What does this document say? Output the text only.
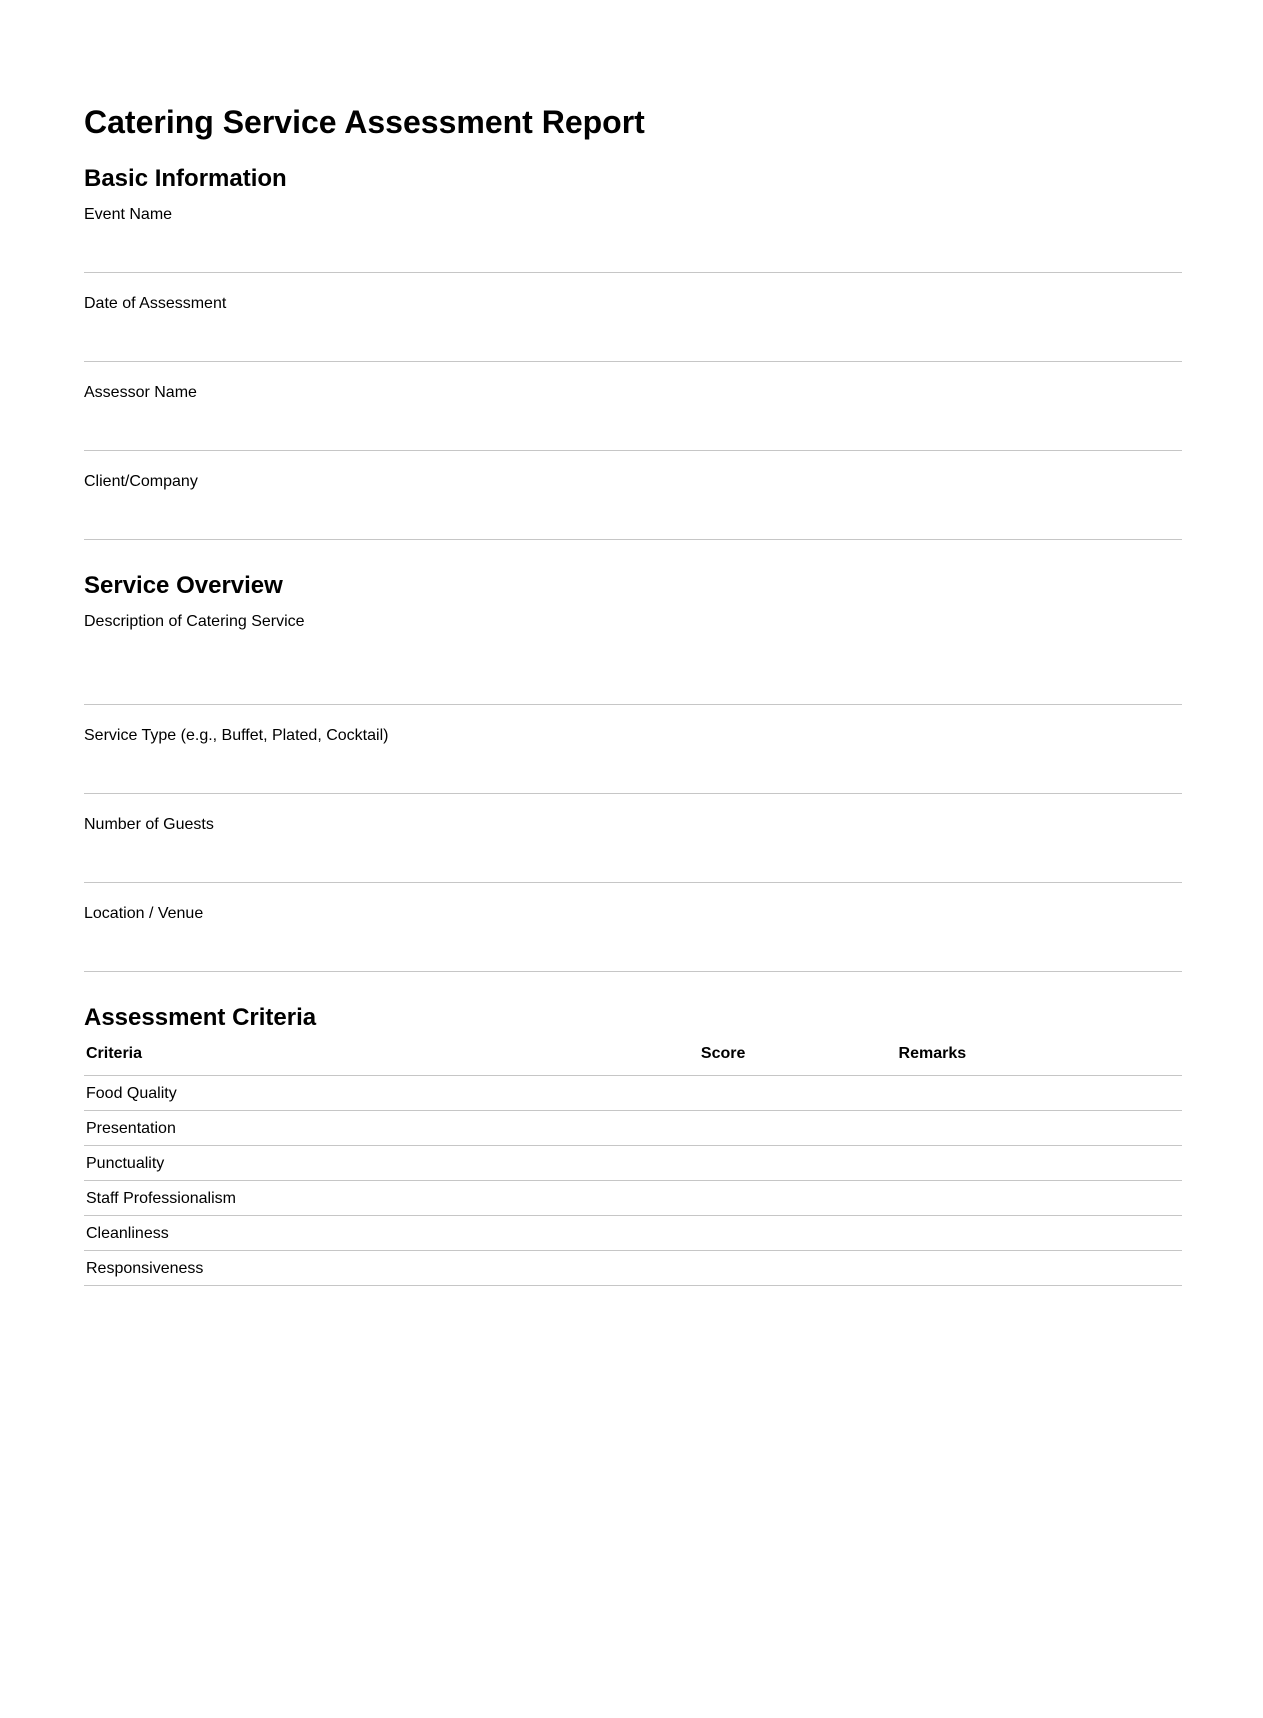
Catering Service Assessment Report
Basic Information
Event Name
Date of Assessment
Assessor Name
Client/Company
Service Overview
Description of Catering Service
Service Type (e.g., Buffet, Plated, Cocktail)
Number of Guests
Location / Venue
Assessment Criteria
Criteria	Score	Remarks
Food Quality		
Presentation		
Punctuality		
Staff Professionalism		
Cleanliness		
Responsiveness		
